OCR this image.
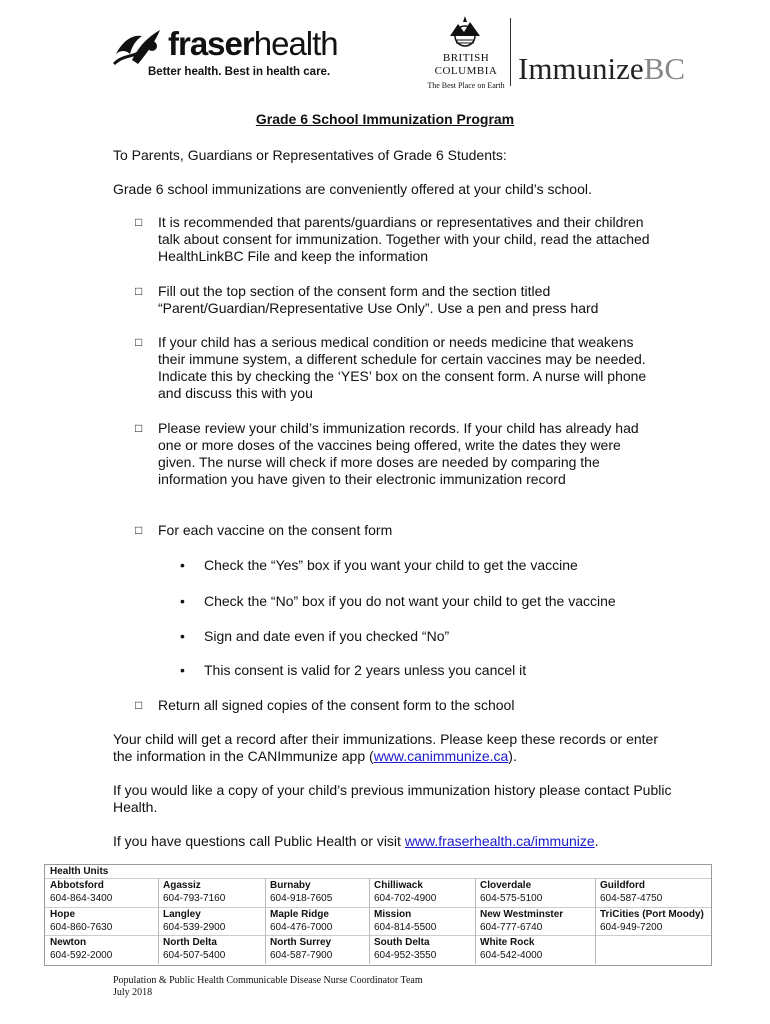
fraserhealth
Better health. Best in health care.
BRITISH
COLUMBIA
The Best Place on Earth ImmunizeBC
Grade 6 School Immunization Program
To Parents, Guardians or Representatives of Grade 6 Students:
Grade 6 school immunizations are conveniently offered at your child’s school.
□ It is recommended that parents/guardians or representatives and their children talk about consent for immunization. Together with your child, read the attached HealthLinkBC File and keep the information
□ Fill out the top section of the consent form and the section titled “Parent/Guardian/Representative Use Only”. Use a pen and press hard
□ If your child has a serious medical condition or needs medicine that weakens their immune system, a different schedule for certain vaccines may be needed. Indicate this by checking the ‘YES’ box on the consent form. A nurse will phone and discuss this with you
□ Please review your child’s immunization records. If your child has already had one or more doses of the vaccines being offered, write the dates they were given. The nurse will check if more doses are needed by comparing the information you have given to their electronic immunization record
□ For each vaccine on the consent form
• Check the “Yes” box if you want your child to get the vaccine
• Check the “No” box if you do not want your child to get the vaccine
• Sign and date even if you checked “No”
• This consent is valid for 2 years unless you cancel it
□ Return all signed copies of the consent form to the school
Your child will get a record after their immunizations. Please keep these records or enter the information in the CANImmunize app (www.canimmunize.ca).
If you would like a copy of your child’s previous immunization history please contact Public Health.
If you have questions call Public Health or visit www.fraserhealth.ca/immunize.
Health Units
Abbotsford
604-864-3400
Agassiz
604-793-7160
Burnaby
604-918-7605
Chilliwack
604-702-4900
Cloverdale
604-575-5100
Guildford
604-587-4750
Hope
604-860-7630
Langley
604-539-2900
Maple Ridge
604-476-7000
Mission
604-814-5500
New Westminster
604-777-6740
TriCities (Port Moody)
604-949-7200
Newton
604-592-2000
North Delta
604-507-5400
North Surrey
604-587-7900
South Delta
604-952-3550
White Rock
604-542-4000
Population & Public Health Communicable Disease Nurse Coordinator Team
July 2018
